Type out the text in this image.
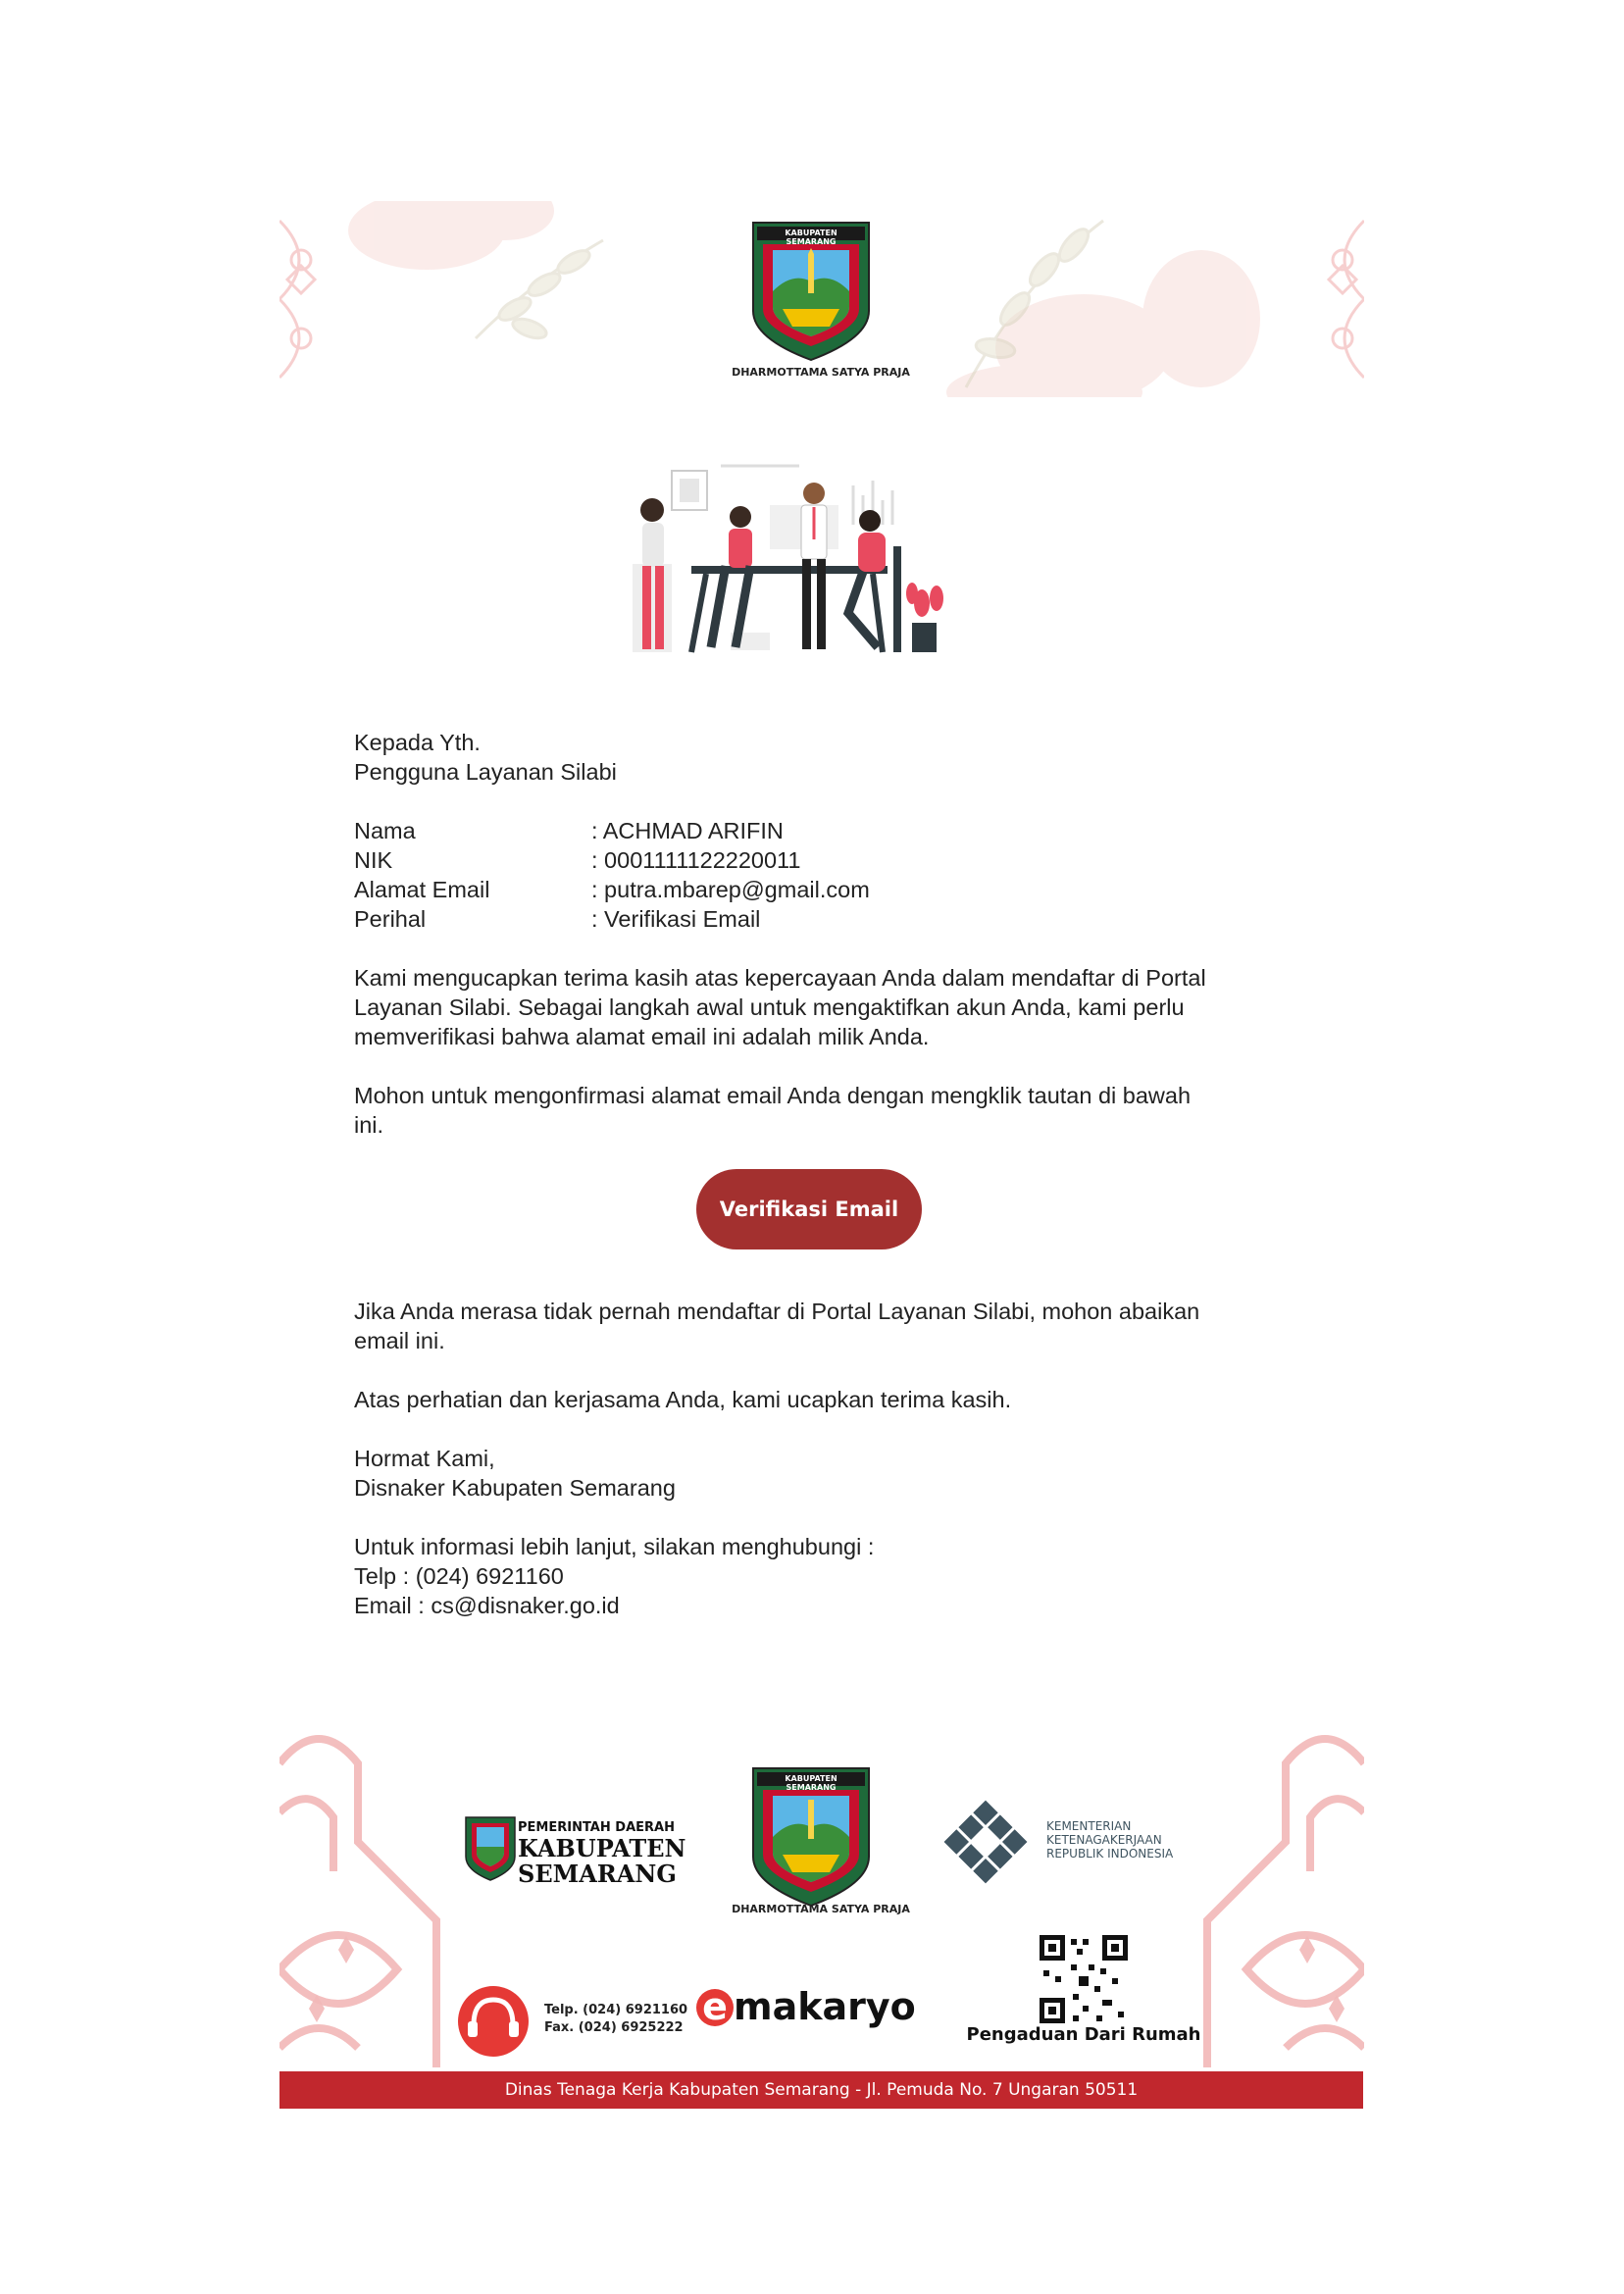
KABUPATEN SEMARANG
DHARMOTTAMA SATYA PRAJA

Kepada Yth.

Pengguna Layanan Silabi

Nama	: ACHMAD ARIFIN
NIK	: 0001111122220011
Alamat Email	: putra.mbarep@gmail.com
Perihal	: Verifikasi Email

Kami mengucapkan terima kasih atas kepercayaan Anda dalam mendaftar di Portal

Layanan Silabi. Sebagai langkah awal untuk mengaktifkan akun Anda, kami perlu

memverifikasi bahwa alamat email ini adalah milik Anda.

Mohon untuk mengonfirmasi alamat email Anda dengan mengklik tautan di bawah

ini.

Verifikasi Email

Jika Anda merasa tidak pernah mendaftar di Portal Layanan Silabi, mohon abaikan

email ini.

Atas perhatian dan kerjasama Anda, kami ucapkan terima kasih.

Hormat Kami,

Disnaker Kabupaten Semarang

Untuk informasi lebih lanjut, silakan menghubungi :

Telp : (024) 6921160

Email : cs@disnaker.go.id

PEMERINTAH DAERAH
KABUPATEN
SEMARANG
KABUPATEN SEMARANG
DHARMOTTAMA SATYA PRAJA
KEMENTERIAN
KETENAGAKERJAAN
REPUBLIK INDONESIA
Telp. (024) 6921160
Fax. (024) 6925222 e makaryo
Pengaduan Dari Rumah
Dinas Tenaga Kerja Kabupaten Semarang - Jl. Pemuda No. 7 Ungaran 50511
